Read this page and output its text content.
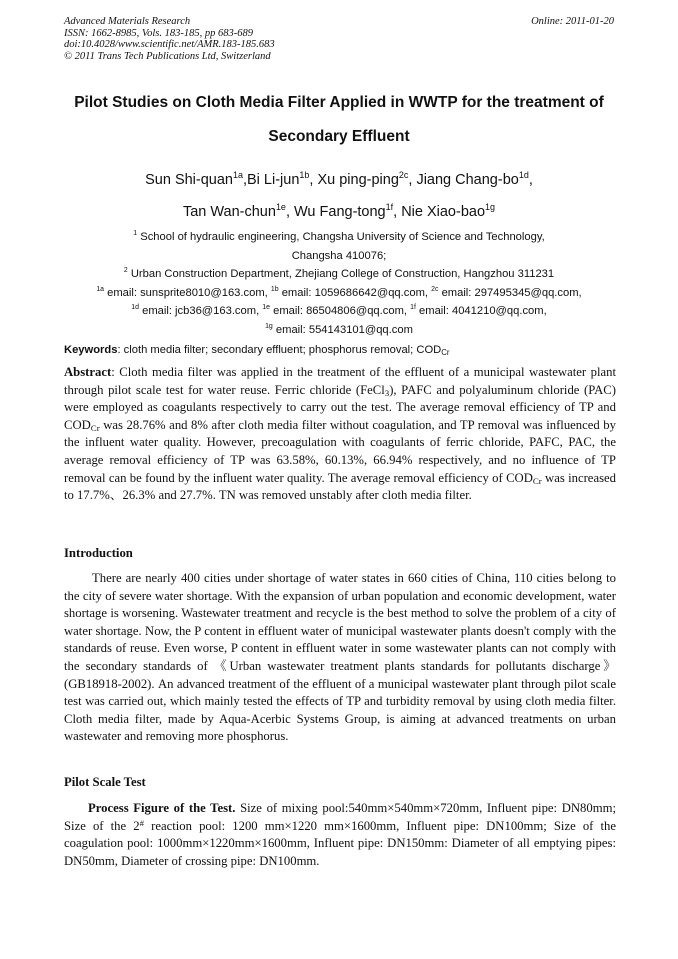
Advanced Materials Research
ISSN: 1662-8985, Vols. 183-185, pp 683-689
doi:10.4028/www.scientific.net/AMR.183-185.683
© 2011 Trans Tech Publications Ltd, Switzerland
Online: 2011-01-20
Pilot Studies on Cloth Media Filter Applied in WWTP for the treatment of
Secondary Effluent
Sun Shi-quan$^{1a}$,Bi Li-jun$^{1b}$, Xu ping-ping$^{2c}$, Jiang Chang-$bo^{1d}$,
Tan Wan-chun$^{1e}$, Wu Fang-tong$^{1f}$, Nie Xiao-bao$^{1g}$
$^1$ School of hydraulic engineering, Changsha University of Science and Technology,
Changsha 410076;
$^2$ Urban Construction Department, Zhejiang College of Construction, Hangzhou 311231
$^{1a}$ email: sunsprite8010@163.com, $^{1b}$ email: 1059686642@qq.com, $^{2c}$ email: 297495345@qq.com,
$^{1d}$ email: jcb36@163.com, $^{1e}$ email: 86504806@qq.com, $^{1f}$ email: 4041210@qq.com,
$^{1g}$ email: 554143101@qq.com
Keywords: cloth media filter; secondary effluent; phosphorus removal; $COD_{Cr}$
Abstract: Cloth media filter was applied in the treatment of the effluent of a municipal wastewater plant through pilot scale test for water reuse. Ferric chloride (FeCl$_3$), PAFC and polyaluminum chloride (PAC) were employed as coagulants respectively to carry out the test. The average removal efficiency of TP and $COD_{Cr}$ was 28.76% and 8% after cloth media filter without coagulation, and TP removal was influenced by the influent water quality. However, precoagulation with coagulants of ferric chloride, PAFC, PAC, the average removal efficiency of TP was 63.58%, 60.13%, 66.94% respectively, and no influence of TP removal can be found by the influent water quality. The average removal efficiency of $COD_{Cr}$ was increased to 17.7%、26.3% and 27.7%. TN was removed unstably after cloth media filter.
Introduction
There are nearly 400 cities under shortage of water states in 660 cities of China, 110 cities belong to the city of severe water shortage. With the expansion of urban population and economic development, water shortage is worsening. Wastewater treatment and recycle is the best method to solve the problem of a city of water shortage. Now, the P content in effluent water of municipal wastewater plants doesn't comply with the standards of reuse. Even worse, P content in effluent water in some wastewater plants can not comply with the secondary standards of 《Urban wastewater treatment plants standards for pollutants discharge》(GB18918-2002). An advanced treatment of the effluent of a municipal wastewater plant through pilot scale test was carried out, which mainly tested the effects of TP and turbidity removal by using cloth media filter. Cloth media filter, made by Aqua-Acerbic Systems Group, is aiming at advanced treatments on urban wastewater and removing more phosphorus.
Pilot Scale Test
Process Figure of the Test. Size of mixing pool:540mm×540mm×720mm, Influent pipe: DN80mm; Size of the 2# reaction pool: 1200 mm×1220 mm×1600mm, Influent pipe: DN100mm; Size of the coagulation pool: 1000mm×1220mm×1600mm, Influent pipe: DN150mm: Diameter of all emptying pipes: DN50mm, Diameter of crossing pipe: DN100mm.
